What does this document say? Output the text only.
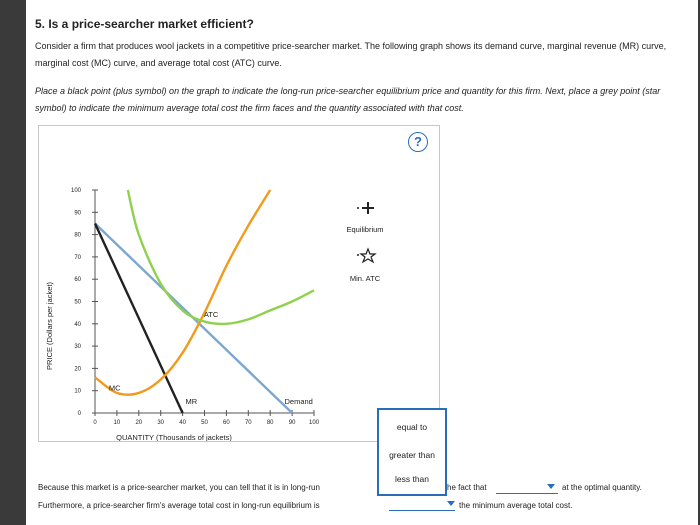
5. Is a price-searcher market efficient?
Consider a firm that produces wool jackets in a competitive price-searcher market. The following graph shows its demand curve, marginal revenue (MR) curve, marginal cost (MC) curve, and average total cost (ATC) curve.
Place a black point (plus symbol) on the graph to indicate the long-run price-searcher equilibrium price and quantity for this firm. Next, place a grey point (star symbol) to indicate the minimum average total cost the firm faces and the quantity associated with that cost.
?
PRICE (Dollars per jacket)
QUANTITY (Thousands of jackets)
Equilibrium
Min. ATC
100
90
80
70
60
50
40
30
20
10
0
0	10	20	30	40	50	60	70	80	90 100
ATC
MC
MR	Demand
equal to
greater than
less than
Because this market is a price-searcher market, you can tell that it is in long-run	he fact that	at the optimal quantity.
Furthermore, a price-searcher firm's average total cost in long-run equilibrium is	the minimum average total cost.
